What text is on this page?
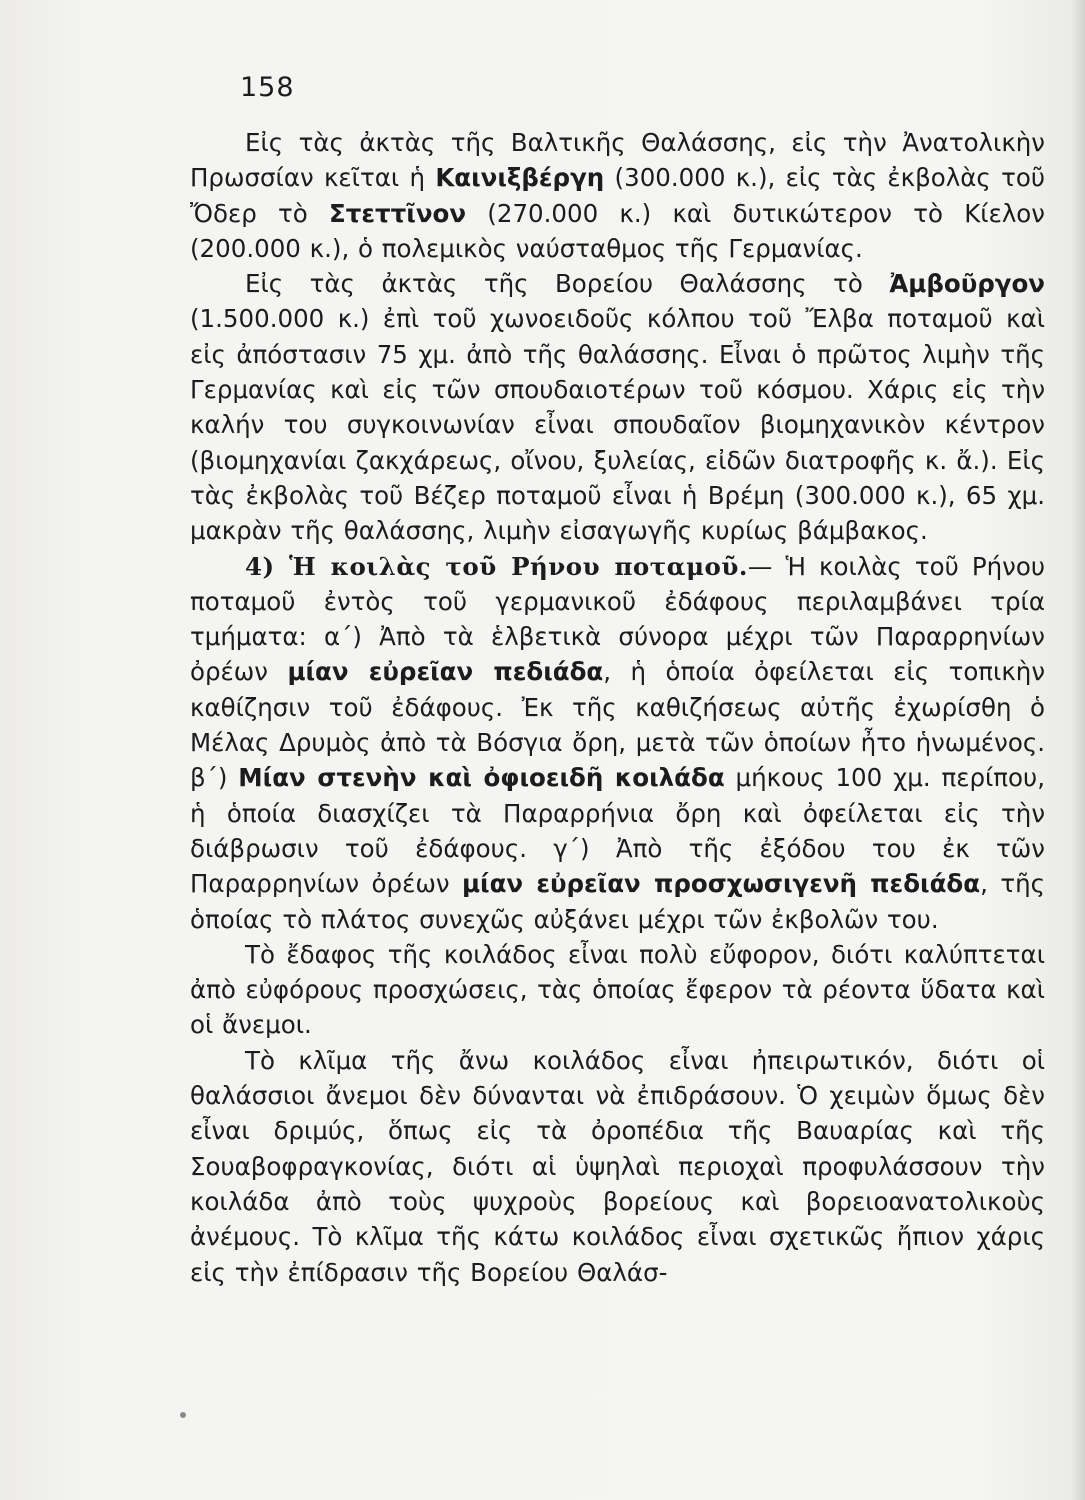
158

Εἰς τὰς ἀκτὰς τῆς Βαλτικῆς Θαλάσσης, εἰς τὴν Ἀνατολικὴν Πρωσσίαν κεῖται ἡ Καινιξβέργη (300.000 κ.), εἰς τὰς ἐκβολὰς τοῦ Ὄδερ τὸ Στεττῖνον (270.000 κ.) καὶ δυτικώτερον τὸ Κίελον (200.000 κ.), ὁ πολεμικὸς ναύσταθμος τῆς Γερμανίας.

Εἰς τὰς ἀκτὰς τῆς Βορείου Θαλάσσης τὸ Ἀμβοῦργον (1.500.000 κ.) ἐπὶ τοῦ χωνοειδοῦς κόλπου τοῦ Ἔλβα ποταμοῦ καὶ εἰς ἀπόστασιν 75 χμ. ἀπὸ τῆς θαλάσσης. Εἶναι ὁ πρῶτος λιμὴν τῆς Γερμανίας καὶ εἰς τῶν σπουδαιοτέρων τοῦ κόσμου. Χάρις εἰς τὴν καλήν του συγκοινωνίαν εἶναι σπουδαῖον βιομηχανικὸν κέντρον (βιομηχανίαι ζακχάρεως, οἴνου, ξυλείας, εἰδῶν διατροφῆς κ. ἄ.). Εἰς τὰς ἐκβολὰς τοῦ Βέζερ ποταμοῦ εἶναι ἡ Βρέμη (300.000 κ.), 65 χμ. μακρὰν τῆς θαλάσσης, λιμὴν εἰσαγωγῆς κυρίως βάμβακος.

4) Ἡ κοιλὰς τοῦ Ρήνου ποταμοῦ.— Ἡ κοιλὰς τοῦ Ρήνου ποταμοῦ ἐντὸς τοῦ γερμανικοῦ ἐδάφους περιλαμβάνει τρία τμήματα: α΄) Ἀπὸ τὰ ἑλβετικὰ σύνορα μέχρι τῶν Παραρρηνίων ὀρέων μίαν εὐρεῖαν πεδιάδα, ἡ ὁποία ὀφείλεται εἰς τοπικὴν καθίζησιν τοῦ ἐδάφους. Ἐκ τῆς καθιζήσεως αὐτῆς ἐχωρίσθη ὁ Μέλας Δρυμὸς ἀπὸ τὰ Βόσγια ὄρη, μετὰ τῶν ὁποίων ἦτο ἡνωμένος. β΄) Μίαν στενὴν καὶ ὀφιοειδῆ κοιλάδα μήκους 100 χμ. περίπου, ἡ ὁποία διασχίζει τὰ Παραρρήνια ὄρη καὶ ὀφείλεται εἰς τὴν διάβρωσιν τοῦ ἐδάφους. γ΄) Ἀπὸ τῆς ἐξόδου του ἐκ τῶν Παραρρηνίων ὀρέων μίαν εὐρεῖαν προσχωσιγενῆ πεδιάδα, τῆς ὁποίας τὸ πλάτος συνεχῶς αὐξάνει μέχρι τῶν ἐκβολῶν του.

Τὸ ἔδαφος τῆς κοιλάδος εἶναι πολὺ εὔφορον, διότι καλύπτεται ἀπὸ εὐφόρους προσχώσεις, τὰς ὁποίας ἔφερον τὰ ρέοντα ὕδατα καὶ οἱ ἄνεμοι.

Τὸ κλῖμα τῆς ἄνω κοιλάδος εἶναι ἠπειρωτικόν, διότι οἱ θαλάσσιοι ἄνεμοι δὲν δύνανται νὰ ἐπιδράσουν. Ὁ χειμὼν ὅμως δὲν εἶναι δριμύς, ὅπως εἰς τὰ ὀροπέδια τῆς Βαυαρίας καὶ τῆς Σουαβοφραγκονίας, διότι αἱ ὑψηλαὶ περιοχαὶ προφυλάσσουν τὴν κοιλάδα ἀπὸ τοὺς ψυχροὺς βορείους καὶ βορειοανατολικοὺς ἀνέμους. Τὸ κλῖμα τῆς κάτω κοιλάδος εἶναι σχετικῶς ἤπιον χάρις εἰς τὴν ἐπίδρασιν τῆς Βορείου Θαλάσ-
